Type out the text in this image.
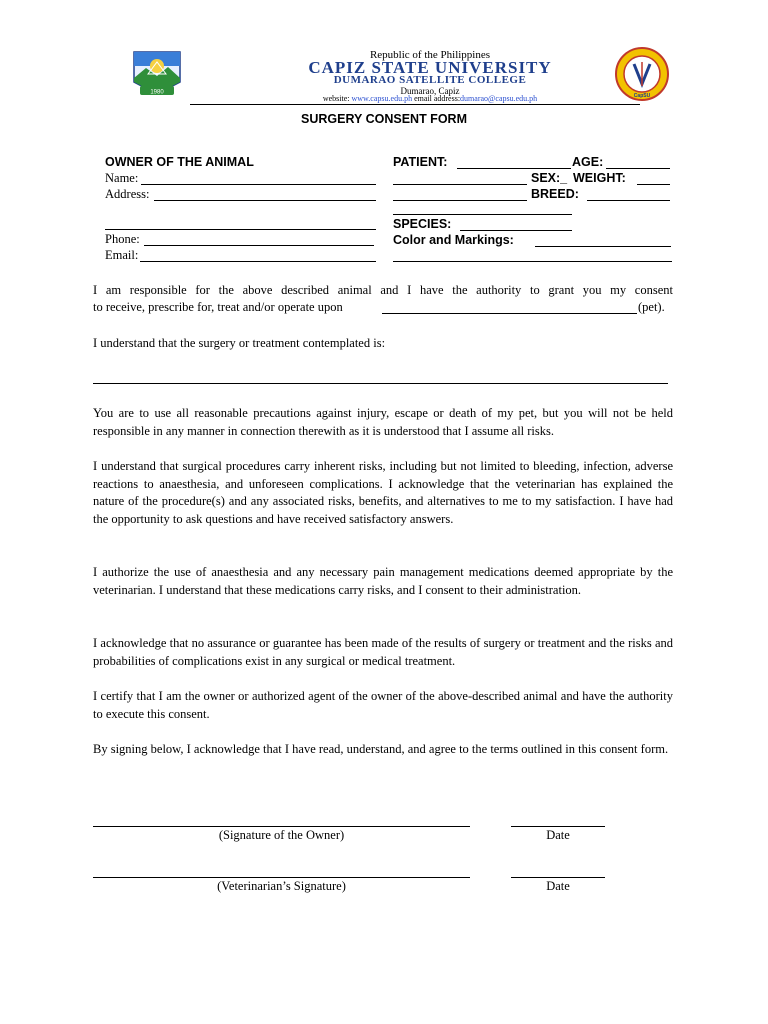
1980
Republic of the Philippines
CAPIZ STATE UNIVERSITY
DUMARAO SATELLITE COLLEGE
Dumarao, Capiz
website: www.capsu.edu.ph email address:dumarao@capsu.edu.ph	CapSU
SURGERY CONSENT FORM
OWNER OF THE ANIMAL
Name:
Address:
Phone:
Email:
PATIENT:	AGE:
SEX:_ WEIGHT:
BREED:
SPECIES:
Color and Markings:
I am responsible for the above described animal and I have the authority to grant you my consent
to receive, prescribe for, treat and/or operate upon	(pet).
I understand that the surgery or treatment contemplated is:
You are to use all reasonable precautions against injury, escape or death of my pet, but you will not be held responsible in any manner in connection therewith as it is understood that I assume all risks.
I understand that surgical procedures carry inherent risks, including but not limited to bleeding, infection, adverse reactions to anaesthesia, and unforeseen complications. I acknowledge that the veterinarian has explained the nature of the procedure(s) and any associated risks, benefits, and alternatives to me to my satisfaction. I have had the opportunity to ask questions and have received satisfactory answers.
I authorize the use of anaesthesia and any necessary pain management medications deemed appropriate by the veterinarian. I understand that these medications carry risks, and I consent to their administration.
I acknowledge that no assurance or guarantee has been made of the results of surgery or treatment and the risks and probabilities of complications exist in any surgical or medical treatment.
I certify that I am the owner or authorized agent of the owner of the above-described animal and have the authority to execute this consent.
By signing below, I acknowledge that I have read, understand, and agree to the terms outlined in this consent form.
(Signature of the Owner)	Date
(Veterinarian’s Signature)	Date
